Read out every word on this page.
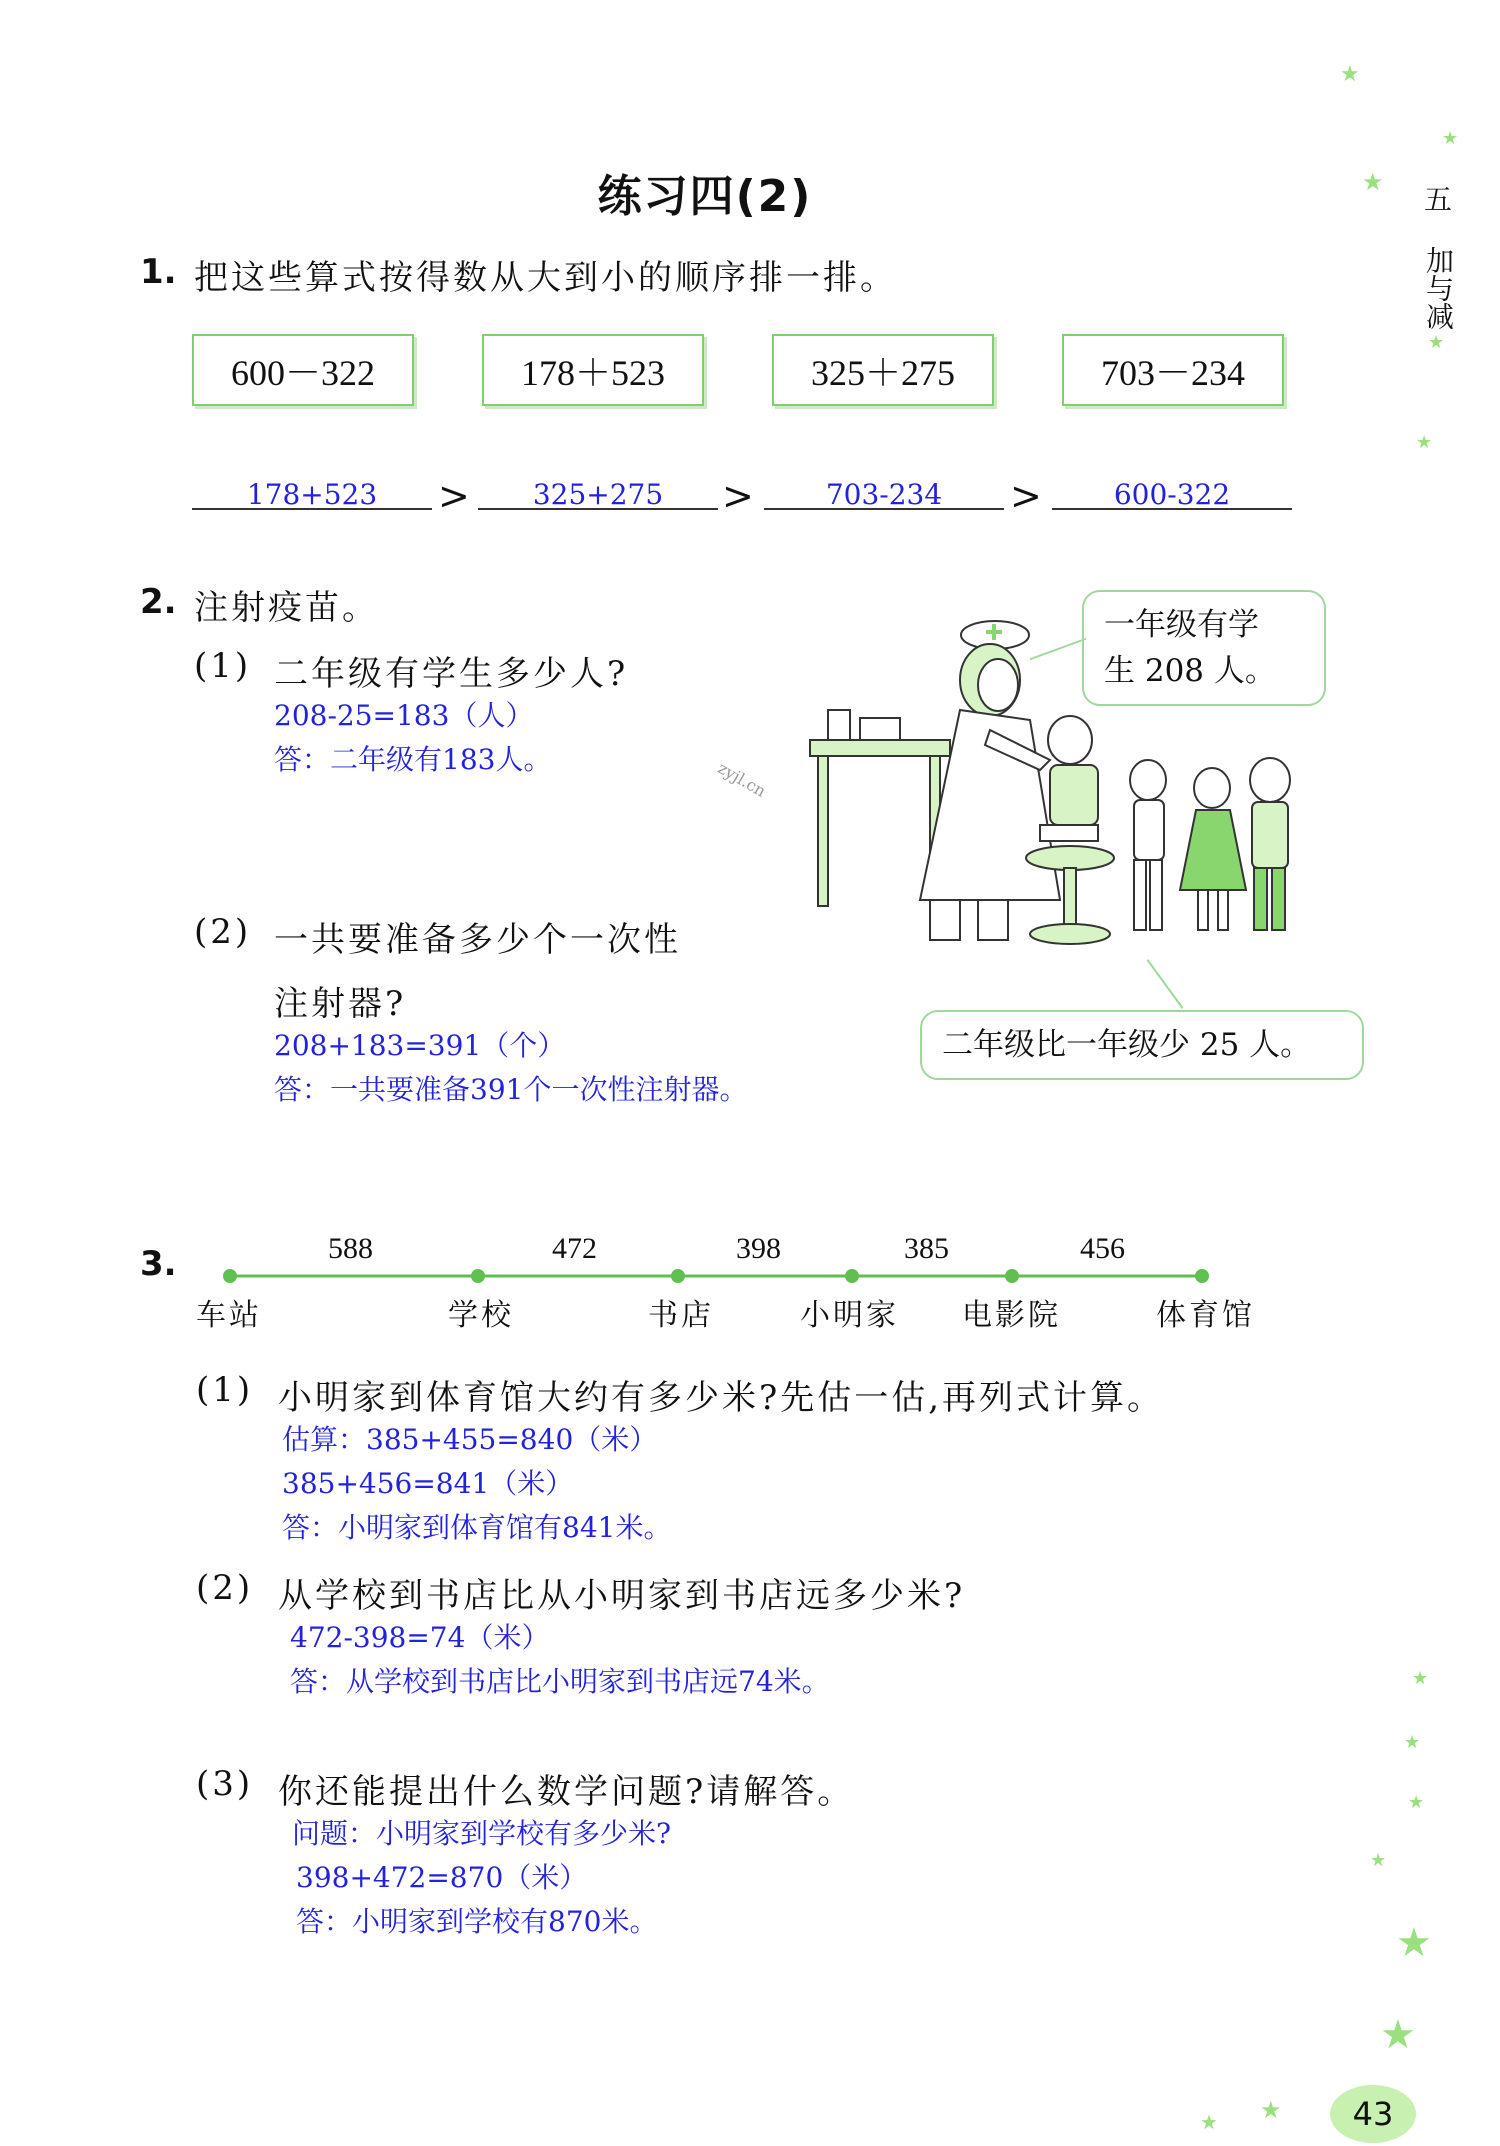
练习四(2)	五
加与减
★
★
★
★
★
★
★
★
★
★
★
★
★
1. 把这些算式按得数从大到小的顺序排一排。
600－322	178＋523	325＋275	703－234
178+523	>	325+275	>	703-234	>	600-322
2. 注射疫苗。
(1) 二年级有学生多少人?
208-25=183（人）
答：二年级有183人。
(2) 一共要准备多少个一次性
注射器?
208+183=391（个）
答：一共要准备391个一次性注射器。
zyjl.cn
一年级有学
生 208 人。
二年级比一年级少 25 人。
3.	588	472	398	385	456
车站	学校	书店	小明家 电影院	体育馆
(1) 小明家到体育馆大约有多少米?先估一估,再列式计算。
估算：385+455=840（米）
385+456=841（米）
答：小明家到体育馆有841米。
(2) 从学校到书店比从小明家到书店远多少米?
472-398=74（米）
答：从学校到书店比小明家到书店远74米。
(3) 你还能提出什么数学问题?请解答。
问题：小明家到学校有多少米?
398+472=870（米）
答：小明家到学校有870米。
43
